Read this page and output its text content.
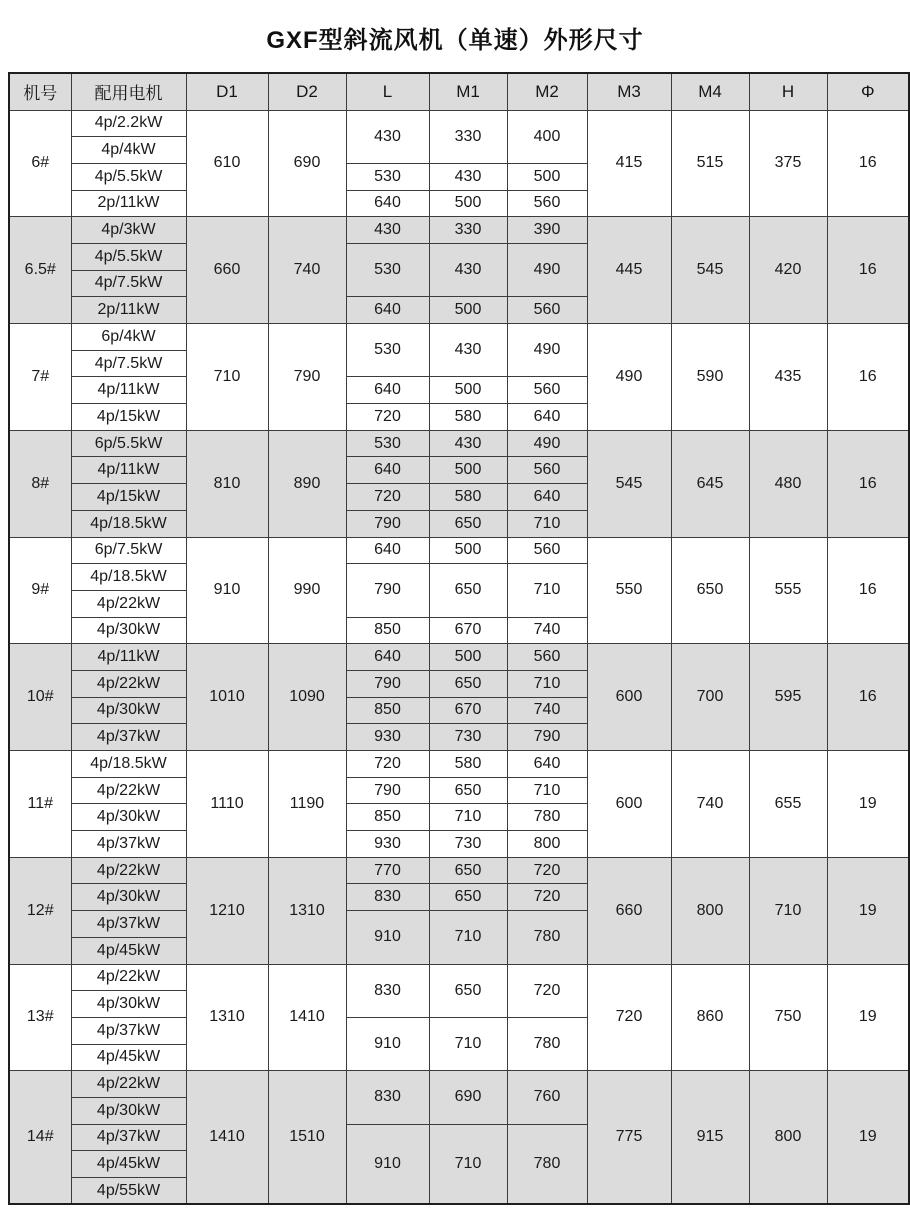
GXF型斜流风机（单速）外形尺寸
机号	配用电机	D1	D2	L	M1	M2	M3	M4	H	Φ
6#	4p/2.2kW	610	690	430	330	400	415	515	375	16
	4p/4kW									
	4p/5.5kW			530	430	500				
	2p/11kW			640	500	560				
6.5#	4p/3kW	660	740	430	330	390	445	545	420	16
	4p/5.5kW			530	430	490				
	4p/7.5kW									
	2p/11kW			640	500	560				
7#	6p/4kW	710	790	530	430	490	490	590	435	16
	4p/7.5kW									
	4p/11kW			640	500	560				
	4p/15kW			720	580	640				
8#	6p/5.5kW	810	890	530	430	490	545	645	480	16
	4p/11kW			640	500	560				
	4p/15kW			720	580	640				
	4p/18.5kW			790	650	710				
9#	6p/7.5kW	910	990	640	500	560	550	650	555	16
	4p/18.5kW			790	650	710				
	4p/22kW									
	4p/30kW			850	670	740				
10#	4p/11kW	1010	1090	640	500	560	600	700	595	16
	4p/22kW			790	650	710				
	4p/30kW			850	670	740				
	4p/37kW			930	730	790				
11#	4p/18.5kW	1110	1190	720	580	640	600	740	655	19
	4p/22kW			790	650	710				
	4p/30kW			850	710	780				
	4p/37kW			930	730	800				
12#	4p/22kW	1210	1310	770	650	720	660	800	710	19
	4p/30kW			830	650	720				
	4p/37kW			910	710	780				
	4p/45kW									
13#	4p/22kW	1310	1410	830	650	720	720	860	750	19
	4p/30kW									
	4p/37kW			910	710	780				
	4p/45kW									
14#	4p/22kW	1410	1510	830	690	760	775	915	800	19
	4p/30kW									
	4p/37kW			910	710	780				
	4p/45kW									
	4p/55kW									
